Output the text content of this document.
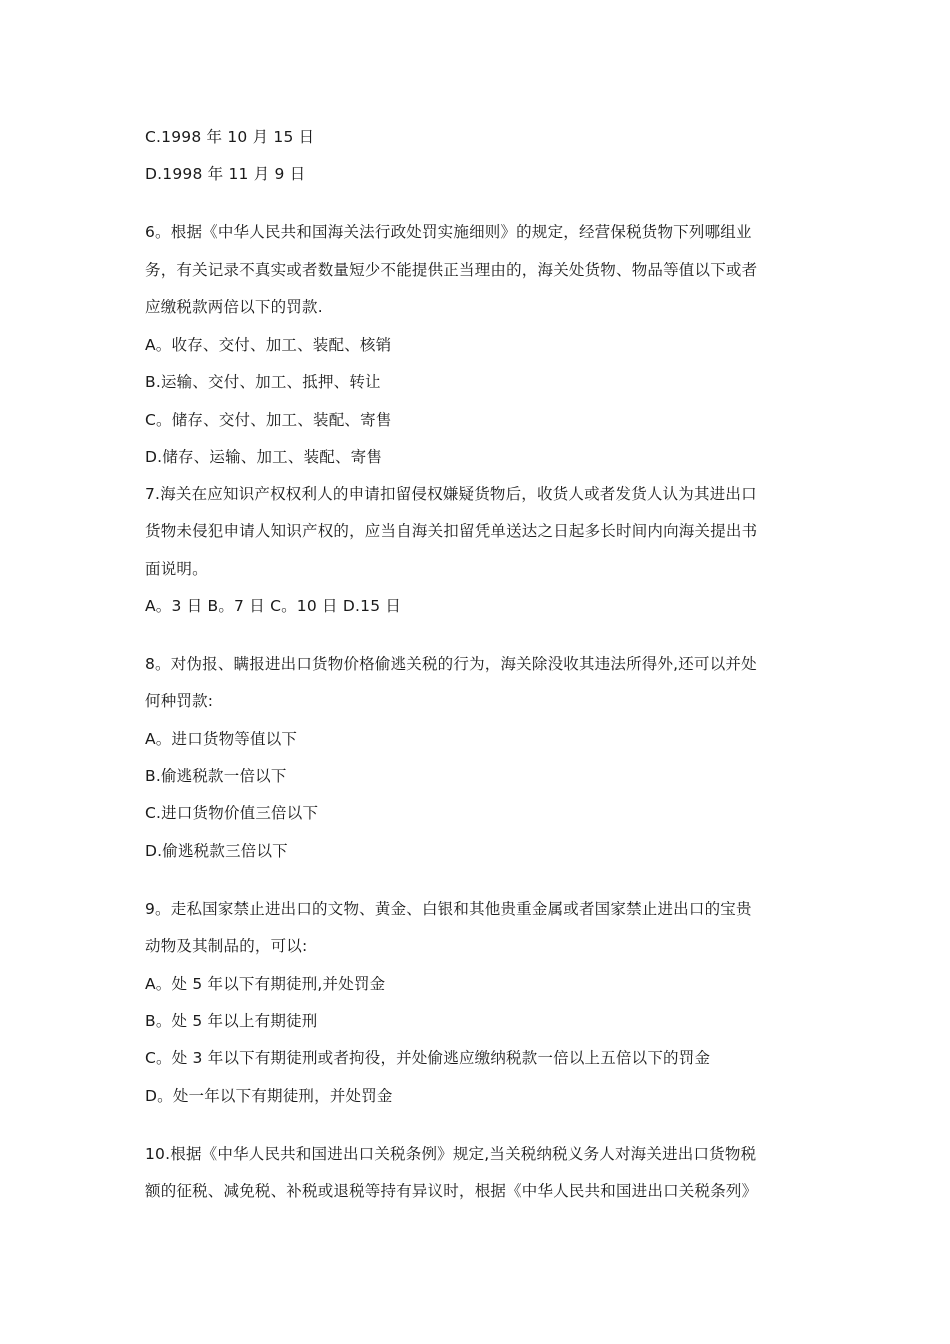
C.1998 年 10 月 15 日
D.1998 年 11 月 9 日
6。根据《中华人民共和国海关法行政处罚实施细则》的规定，经营保税货物下列哪组业
务，有关记录不真实或者数量短少不能提供正当理由的，海关处货物、物品等值以下或者
应缴税款两倍以下的罚款.
A。收存、交付、加工、装配、核销
B.运输、交付、加工、抵押、转让
C。储存、交付、加工、装配、寄售
D.储存、运输、加工、装配、寄售
7.海关在应知识产权权利人的申请扣留侵权嫌疑货物后，收货人或者发货人认为其进出口
货物未侵犯申请人知识产权的，应当自海关扣留凭单送达之日起多长时间内向海关提出书
面说明。
A。3 日 B。7 日 C。10 日 D.15 日
8。对伪报、瞒报进出口货物价格偷逃关税的行为，海关除没收其违法所得外,还可以并处
何种罚款:
A。进口货物等值以下
B.偷逃税款一倍以下
C.进口货物价值三倍以下
D.偷逃税款三倍以下
9。走私国家禁止进出口的文物、黄金、白银和其他贵重金属或者国家禁止进出口的宝贵
动物及其制品的，可以:
A。处 5 年以下有期徒刑,并处罚金
B。处 5 年以上有期徒刑
C。处 3 年以下有期徒刑或者拘役，并处偷逃应缴纳税款一倍以上五倍以下的罚金
D。处一年以下有期徒刑，并处罚金
10.根据《中华人民共和国进出口关税条例》规定,当关税纳税义务人对海关进出口货物税
额的征税、减免税、补税或退税等持有异议时，根据《中华人民共和国进出口关税条列》
